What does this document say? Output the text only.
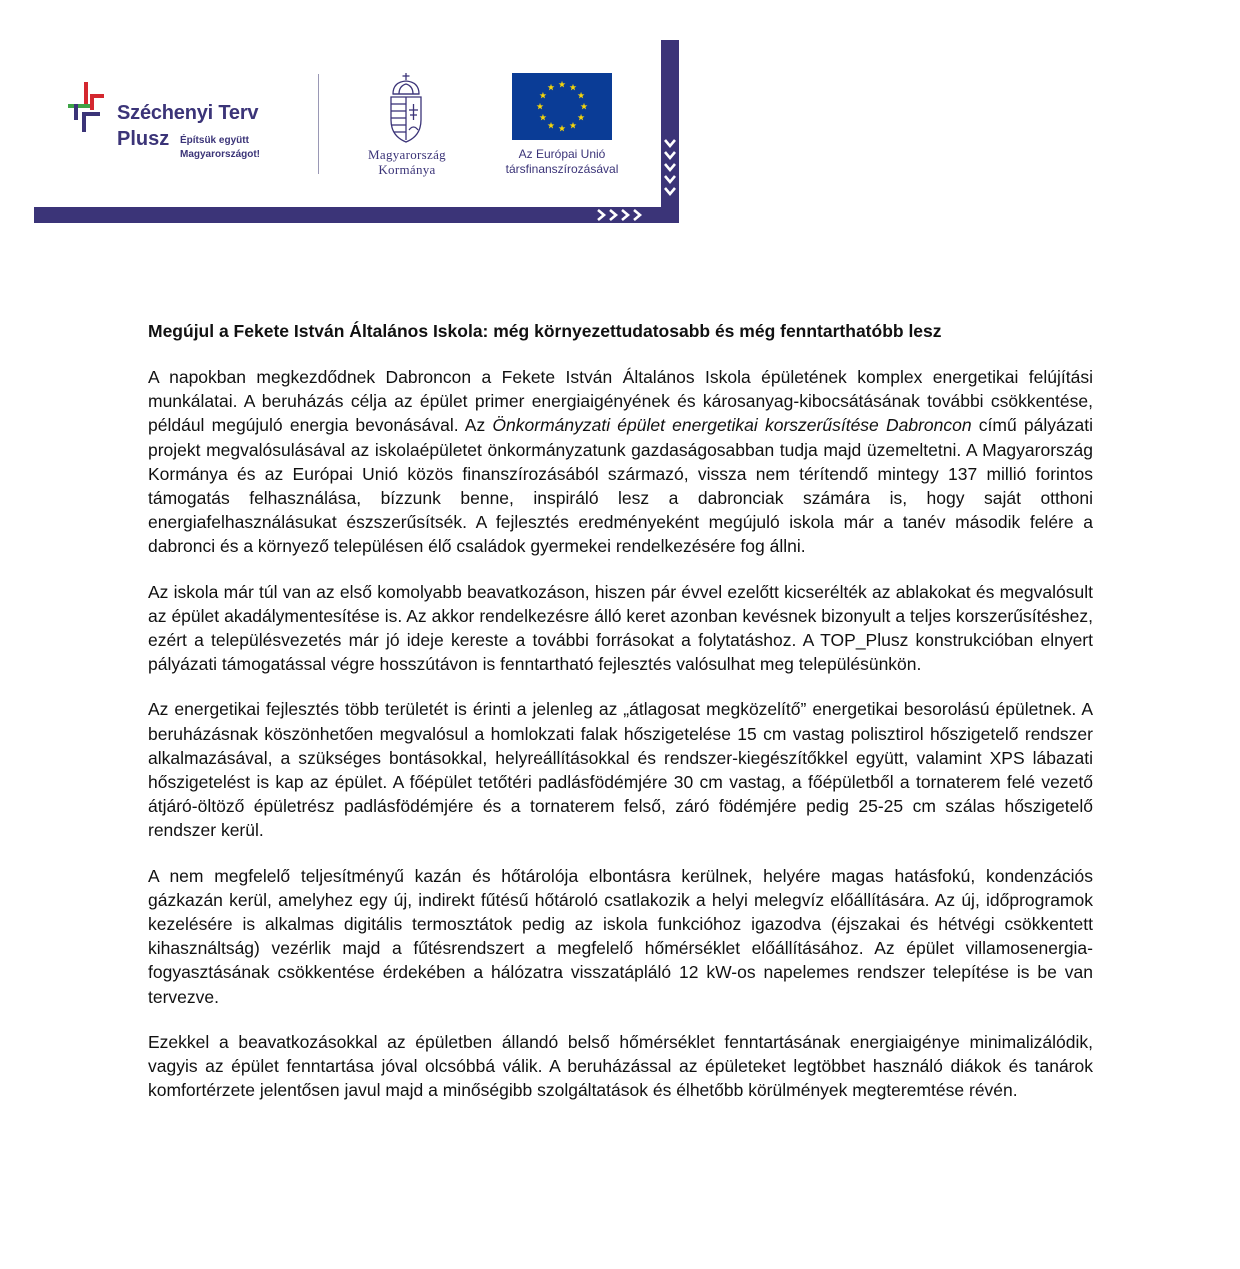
Széchenyi Terv
Plusz Építsük együtt
Magyarországot!	Magyarország
Kormánya
Az Európai Unió
társfinanszírozásával
Megújul a Fekete István Általános Iskola: még környezettudatosabb és még fenntarthatóbb lesz

A napokban megkezdődnek Dabroncon a Fekete István Általános Iskola épületének komplex energetikai felújítási munkálatai. A beruházás célja az épület primer energiaigényének és károsanyag-kibocsátásának további csökkentése, például megújuló energia bevonásával. Az Önkormányzati épület energetikai korszerűsítése Dabroncon című pályázati projekt megvalósulásával az iskolaépületet önkormányzatunk gazdaságosabban tudja majd üzemeltetni. A Magyarország Kormánya és az Európai Unió közös finanszírozásából származó, vissza nem térítendő mintegy 137 millió forintos támogatás felhasználása, bízzunk benne, inspiráló lesz a dabronciak számára is, hogy saját otthoni energiafelhasználásukat észszerűsítsék. A fejlesztés eredményeként megújuló iskola már a tanév második felére a dabronci és a környező településen élő családok gyermekei rendelkezésére fog állni.

Az iskola már túl van az első komolyabb beavatkozáson, hiszen pár évvel ezelőtt kicserélték az ablakokat és megvalósult az épület akadálymentesítése is. Az akkor rendelkezésre álló keret azonban kevésnek bizonyult a teljes korszerűsítéshez, ezért a településvezetés már jó ideje kereste a további forrásokat a folytatáshoz. A TOP_Plusz konstrukcióban elnyert pályázati támogatással végre hosszútávon is fenntartható fejlesztés valósulhat meg településünkön.

Az energetikai fejlesztés több területét is érinti a jelenleg az „átlagosat megközelítő” energetikai besorolású épületnek. A beruházásnak köszönhetően megvalósul a homlokzati falak hőszigetelése 15 cm vastag polisztirol hőszigetelő rendszer alkalmazásával, a szükséges bontásokkal, helyreállításokkal és rendszer-kiegészítőkkel együtt, valamint XPS lábazati hőszigetelést is kap az épület. A főépület tetőtéri padlásfödémjére 30 cm vastag, a főépületből a tornaterem felé vezető átjáró-öltöző épületrész padlásfödémjére és a tornaterem felső, záró födémjére pedig 25-25 cm szálas hőszigetelő rendszer kerül.

A nem megfelelő teljesítményű kazán és hőtárolója elbontásra kerülnek, helyére magas hatásfokú, kondenzációs gázkazán kerül, amelyhez egy új, indirekt fűtésű hőtároló csatlakozik a helyi melegvíz előállítására. Az új, időprogramok kezelésére is alkalmas digitális termosztátok pedig az iskola funkcióhoz igazodva (éjszakai és hétvégi csökkentett kihasználtság) vezérlik majd a fűtésrendszert a megfelelő hőmérséklet előállításához. Az épület villamosenergia-fogyasztásának csökkentése érdekében a hálózatra visszatápláló 12 kW-os napelemes rendszer telepítése is be van tervezve.

Ezekkel a beavatkozásokkal az épületben állandó belső hőmérséklet fenntartásának energiaigénye minimalizálódik, vagyis az épület fenntartása jóval olcsóbbá válik. A beruházással az épületeket legtöbbet használó diákok és tanárok komfortérzete jelentősen javul majd a minőségibb szolgáltatások és élhetőbb körülmények megteremtése révén.
